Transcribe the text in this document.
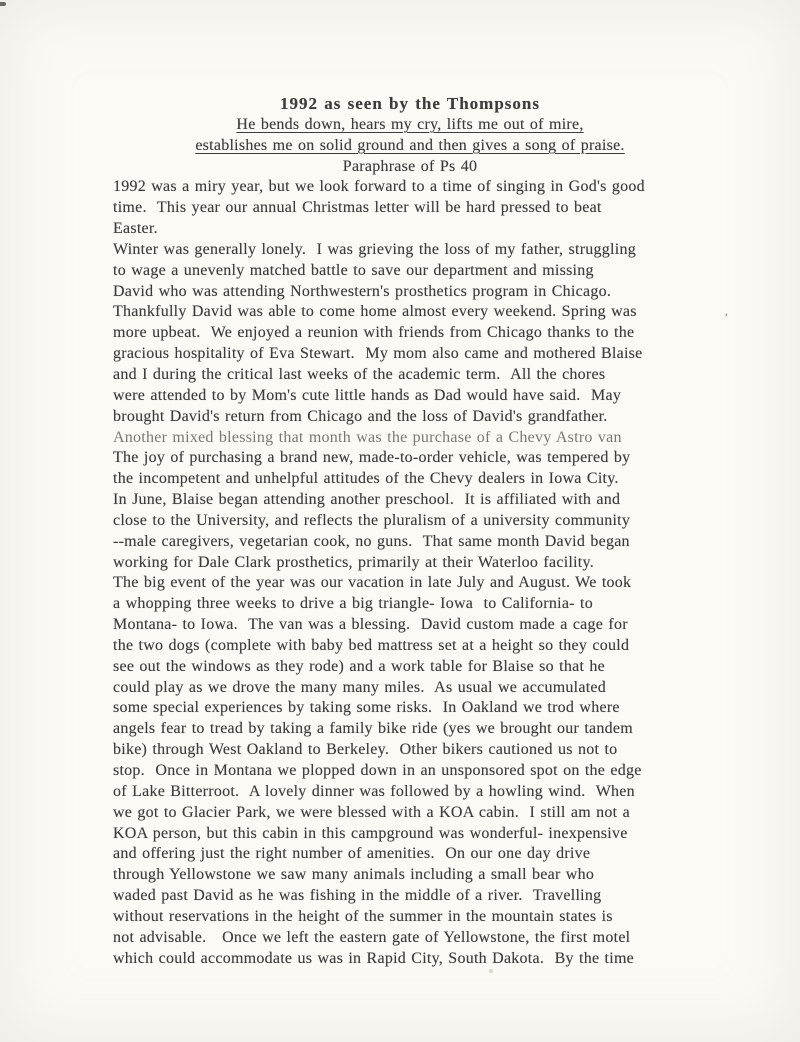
1992 as seen by the Thompsons
He bends down, hears my cry, lifts me out of mire,
establishes me on solid ground and then gives a song of praise.
Paraphrase of Ps 40
1992 was a miry year, but we look forward to a time of singing in God's good
time.  This year our annual Christmas letter will be hard pressed to beat
Easter.
Winter was generally lonely.  I was grieving the loss of my father, struggling
to wage a unevenly matched battle to save our department and missing
David who was attending Northwestern's prosthetics program in Chicago.
Thankfully David was able to come home almost every weekend. Spring was
more upbeat.  We enjoyed a reunion with friends from Chicago thanks to the
gracious hospitality of Eva Stewart.  My mom also came and mothered Blaise
and I during the critical last weeks of the academic term.  All the chores
were attended to by Mom's cute little hands as Dad would have said.  May
brought David's return from Chicago and the loss of David's grandfather.
Another mixed blessing that month was the purchase of a Chevy Astro van
The joy of purchasing a brand new, made-to-order vehicle, was tempered by
the incompetent and unhelpful attitudes of the Chevy dealers in Iowa City.
In June, Blaise began attending another preschool.  It is affiliated with and
close to the University, and reflects the pluralism of a university community
--male caregivers, vegetarian cook, no guns.  That same month David began
working for Dale Clark prosthetics, primarily at their Waterloo facility.
The big event of the year was our vacation in late July and August. We took
a whopping three weeks to drive a big triangle- Iowa  to California- to
Montana- to Iowa.  The van was a blessing.  David custom made a cage for
the two dogs (complete with baby bed mattress set at a height so they could
see out the windows as they rode) and a work table for Blaise so that he
could play as we drove the many many miles.  As usual we accumulated
some special experiences by taking some risks.  In Oakland we trod where
angels fear to tread by taking a family bike ride (yes we brought our tandem
bike) through West Oakland to Berkeley.  Other bikers cautioned us not to
stop.  Once in Montana we plopped down in an unsponsored spot on the edge
of Lake Bitterroot.  A lovely dinner was followed by a howling wind.  When
we got to Glacier Park, we were blessed with a KOA cabin.  I still am not a
KOA person, but this cabin in this campground was wonderful- inexpensive
and offering just the right number of amenities.  On our one day drive
through Yellowstone we saw many animals including a small bear who
waded past David as he was fishing in the middle of a river.  Travelling
without reservations in the height of the summer in the mountain states is
not advisable.   Once we left the eastern gate of Yellowstone, the first motel
which could accommodate us was in Rapid City, South Dakota.  By the time
ʼ
